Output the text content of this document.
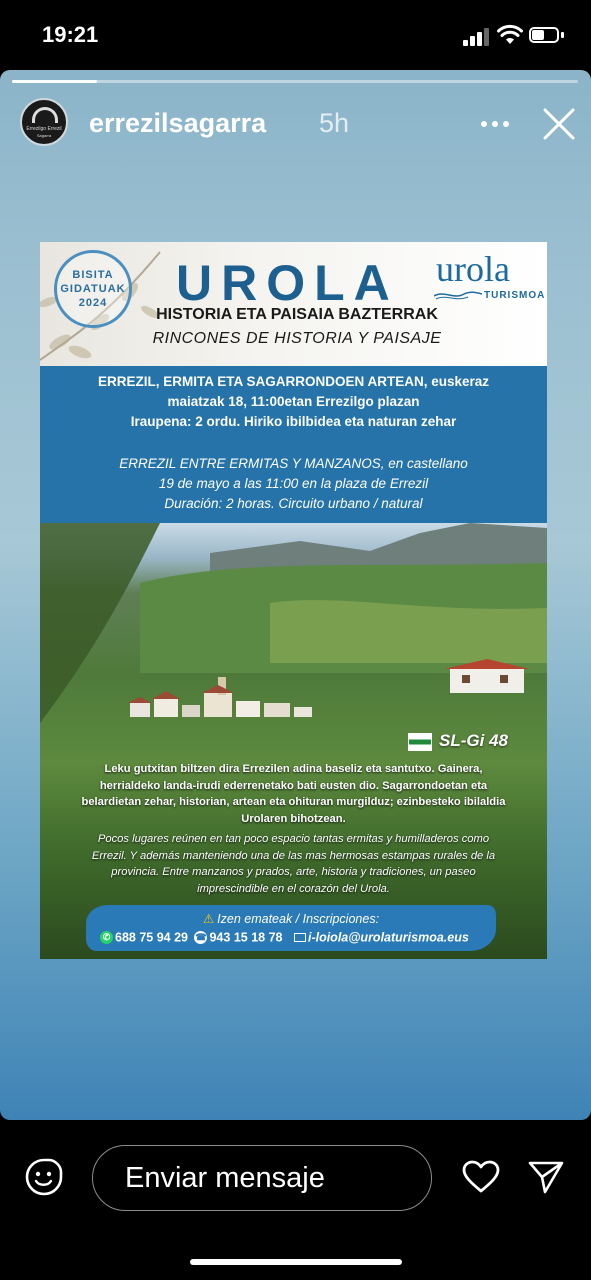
19:21
Errezilgo Errezil
Sagarra	errezilsagarra 5h
BISITA
GIDATUAK
2024	UROLA urola
TURISMOA
HISTORIA ETA PAISAIA BAZTERRAK
RINCONES DE HISTORIA Y PAISAJE

ERREZIL, ERMITA ETA SAGARRONDOEN ARTEAN, euskeraz

maiatzak 18, 11:00etan Errezilgo plazan

Iraupena: 2 ordu. Hiriko ibilbidea eta naturan zehar

ERREZIL ENTRE ERMITAS Y MANZANOS, en castellano

19 de mayo a las 11:00 en la plaza de Errezil

Duración: 2 horas. Circuito urbano / natural

SL-Gi 48
Leku gutxitan biltzen dira Errezilen adina baseliz eta santutxo. Gainera, herrialdeko landa-irudi ederrenetako bati eusten dio. Sagarrondoetan eta belardietan zehar, historian, artean eta ohituran murgilduz; ezinbesteko ibilaldia Urolaren bihotzean.
Pocos lugares reúnen en tan poco espacio tantas ermitas y humilladeros como Errezil. Y además manteniendo una de las mas hermosas estampas rurales de la provincia. Entre manzanos y prados, arte, historia y tradiciones, un paseo imprescindible en el corazón del Urola.
⚠ Izen emateak / Inscripciones:
✆ 688 75 94 29 ☎ 943 15 18 78 i-loiola@urolaturismoa.eus
Enviar mensaje
